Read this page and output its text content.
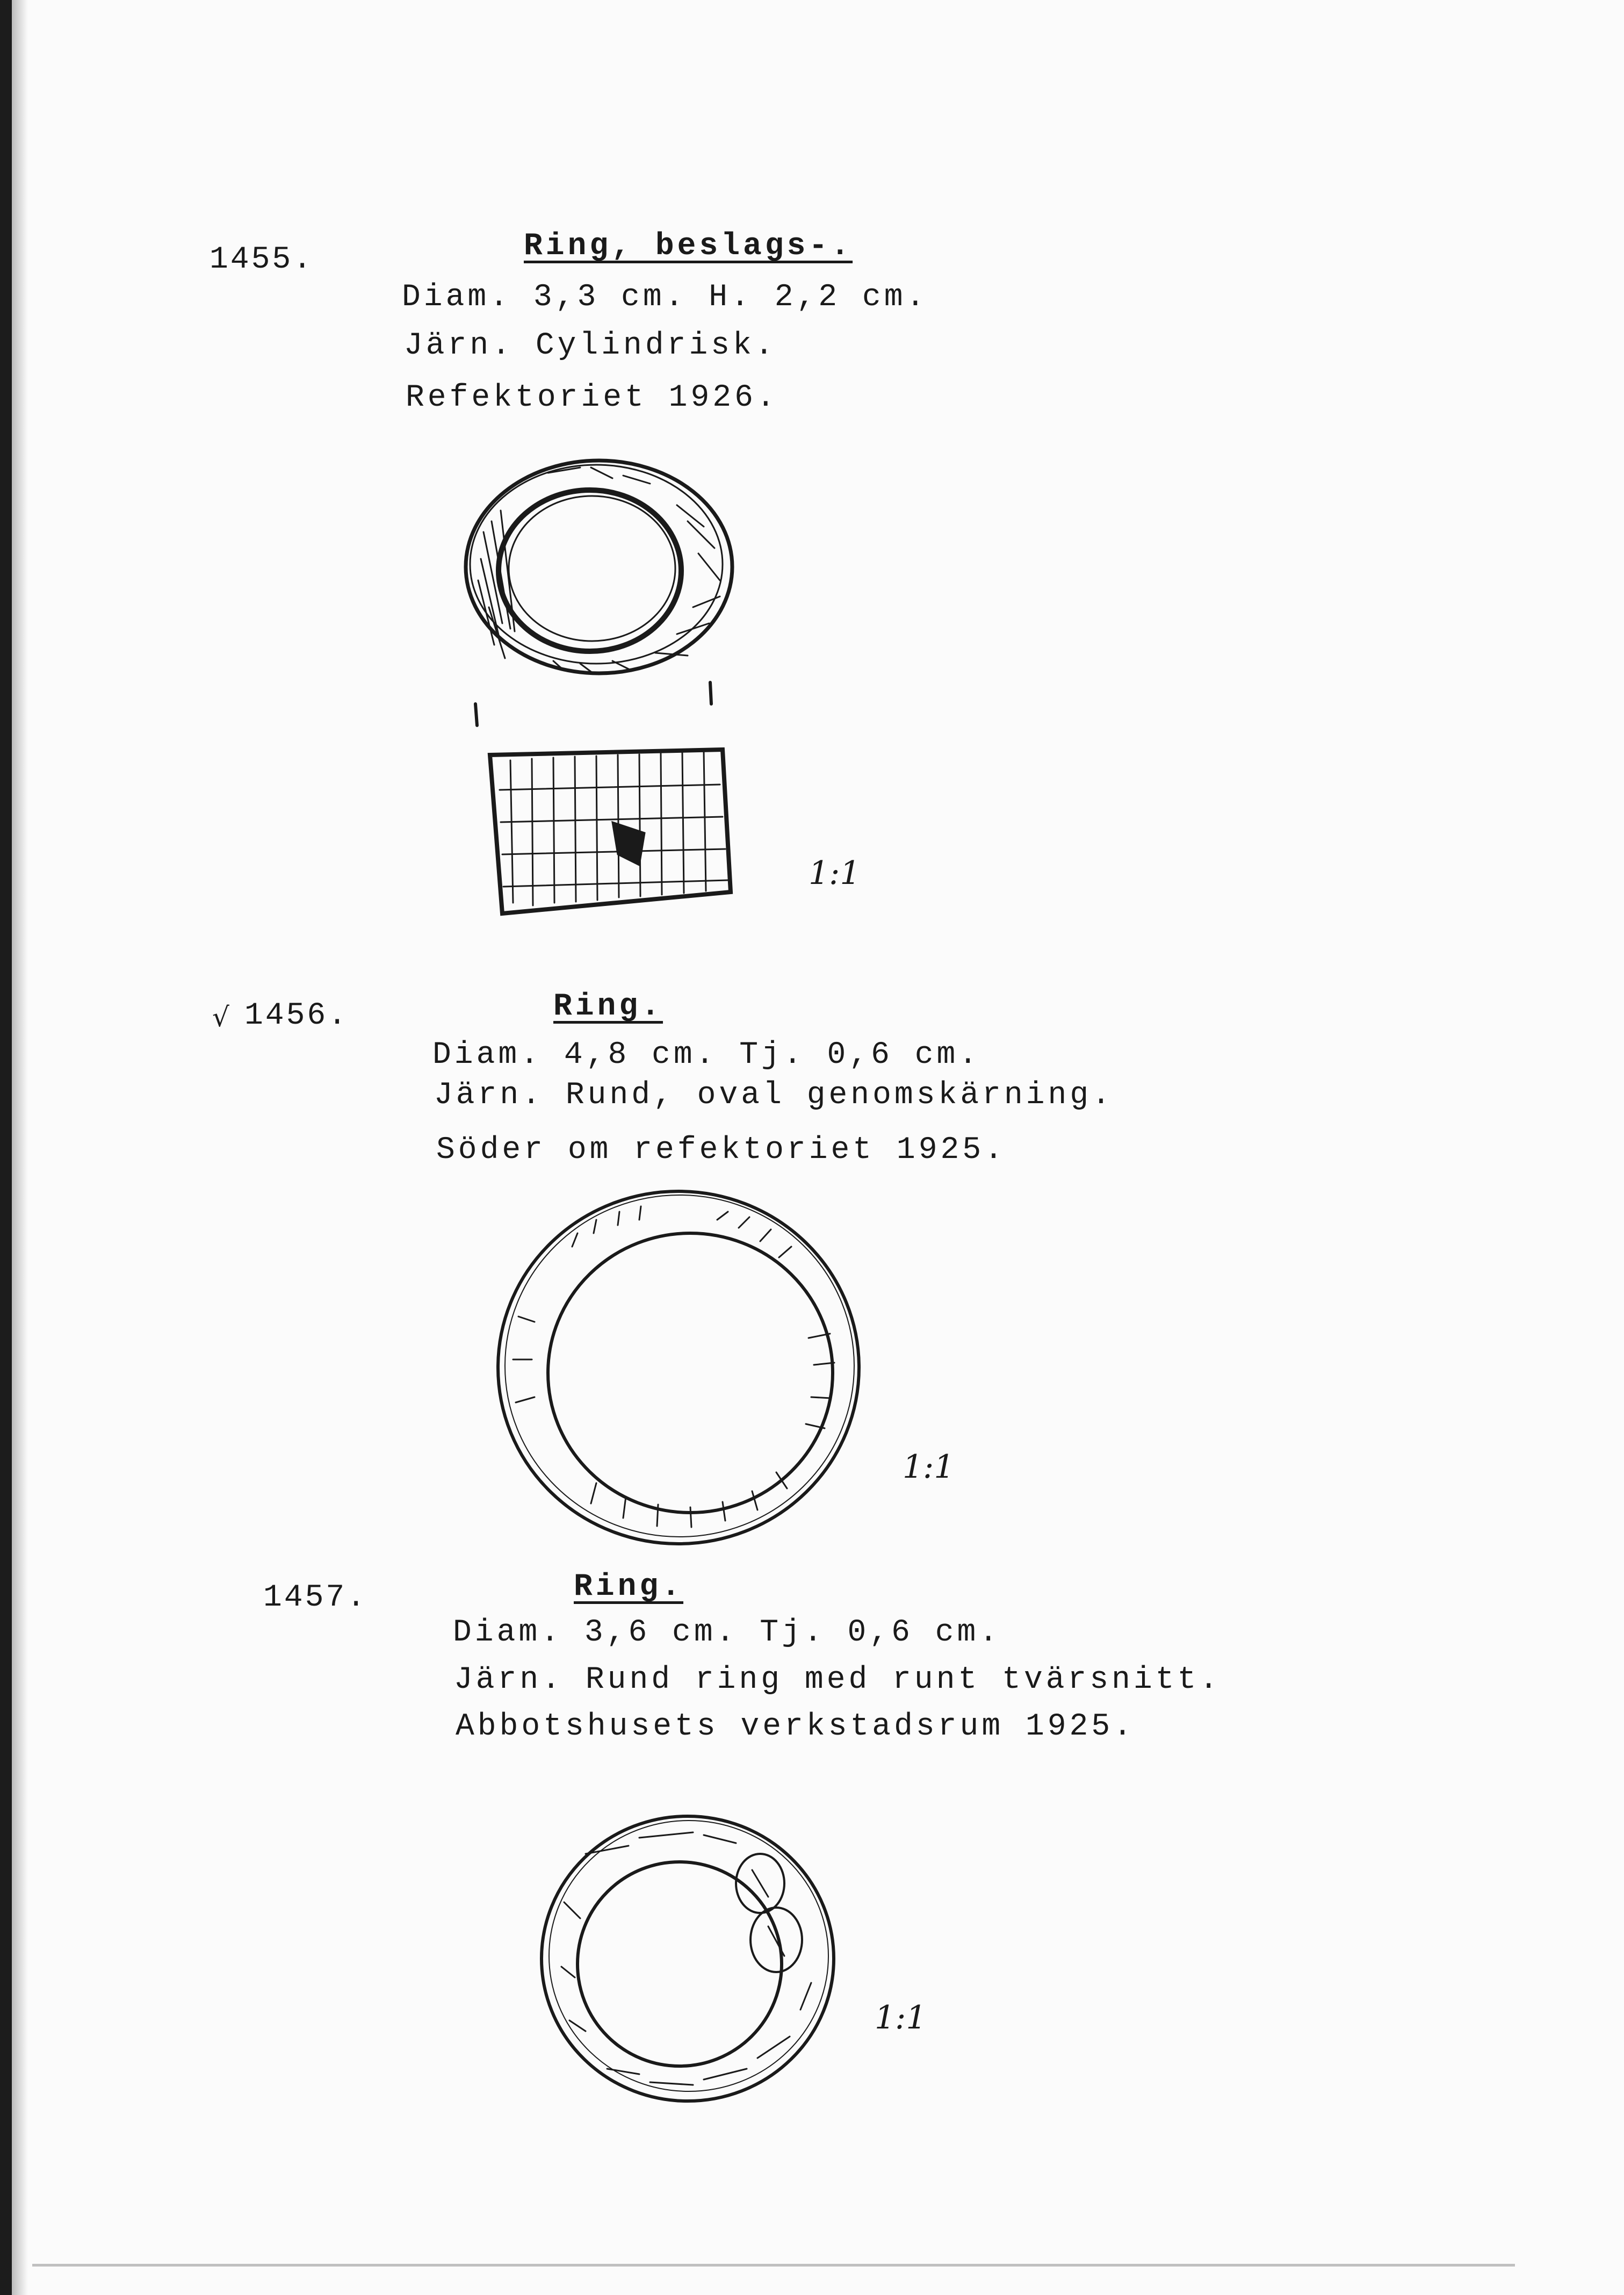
1455.	Ring, beslags-.
Diam. 3,3 cm. H. 2,2 cm.
Järn. Cylindrisk.
Refektoriet 1926.
1:1
√ 1456.	Ring.
Diam. 4,8 cm. Tj. 0,6 cm.
Järn. Rund, oval genomskärning.
Söder om refektoriet 1925.
1:1
1457.	Ring.
Diam. 3,6 cm. Tj. 0,6 cm.
Järn. Rund ring med runt tvärsnitt.
Abbotshusets verkstadsrum 1925.
1:1
